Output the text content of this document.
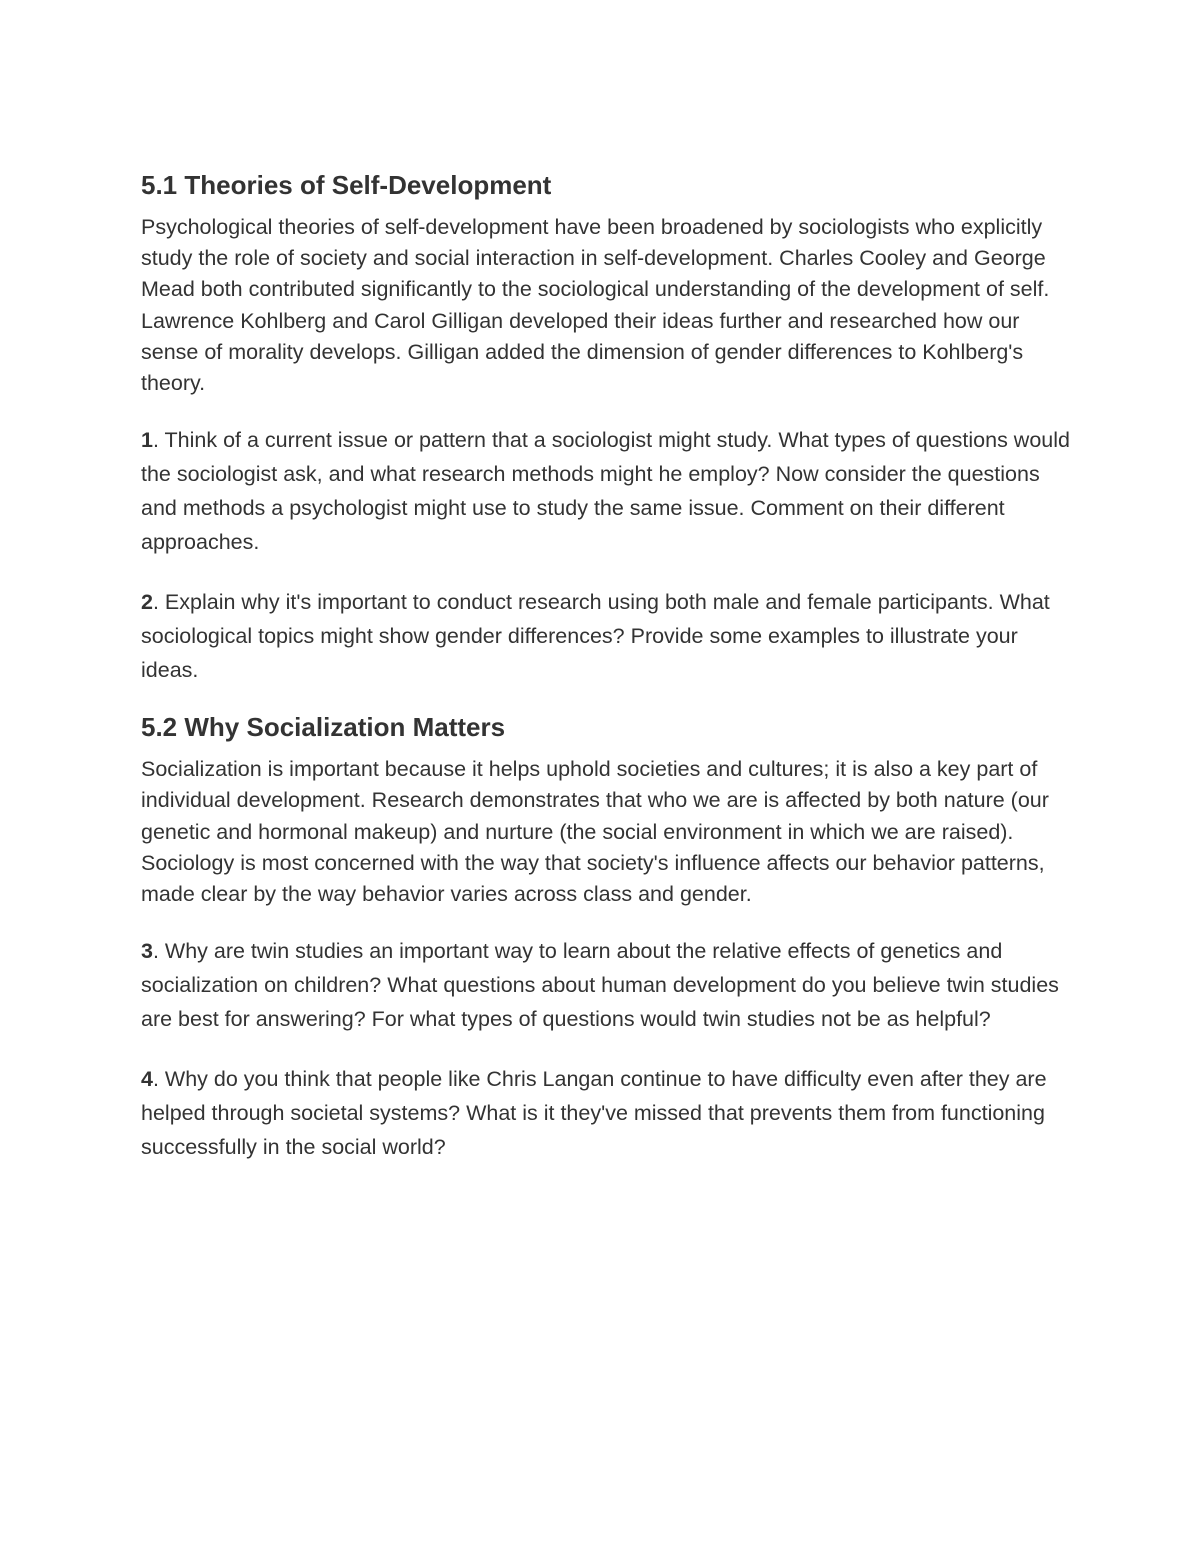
5.1 Theories of Self-Development

Psychological theories of self-development have been broadened by sociologists who explicitly study the role of society and social interaction in self-development. Charles Cooley and George Mead both contributed significantly to the sociological understanding of the development of self. Lawrence Kohlberg and Carol Gilligan developed their ideas further and researched how our sense of morality develops. Gilligan added the dimension of gender differences to Kohlberg's theory.

1. Think of a current issue or pattern that a sociologist might study. What types of questions would the sociologist ask, and what research methods might he employ? Now consider the questions and methods a psychologist might use to study the same issue. Comment on their different approaches.

2. Explain why it's important to conduct research using both male and female participants. What sociological topics might show gender differences? Provide some examples to illustrate your ideas.

5.2 Why Socialization Matters

Socialization is important because it helps uphold societies and cultures; it is also a key part of individual development. Research demonstrates that who we are is affected by both nature (our genetic and hormonal makeup) and nurture (the social environment in which we are raised). Sociology is most concerned with the way that society's influence affects our behavior patterns, made clear by the way behavior varies across class and gender.

3. Why are twin studies an important way to learn about the relative effects of genetics and socialization on children? What questions about human development do you believe twin studies are best for answering? For what types of questions would twin studies not be as helpful?

4. Why do you think that people like Chris Langan continue to have difficulty even after they are helped through societal systems? What is it they've missed that prevents them from functioning successfully in the social world?
